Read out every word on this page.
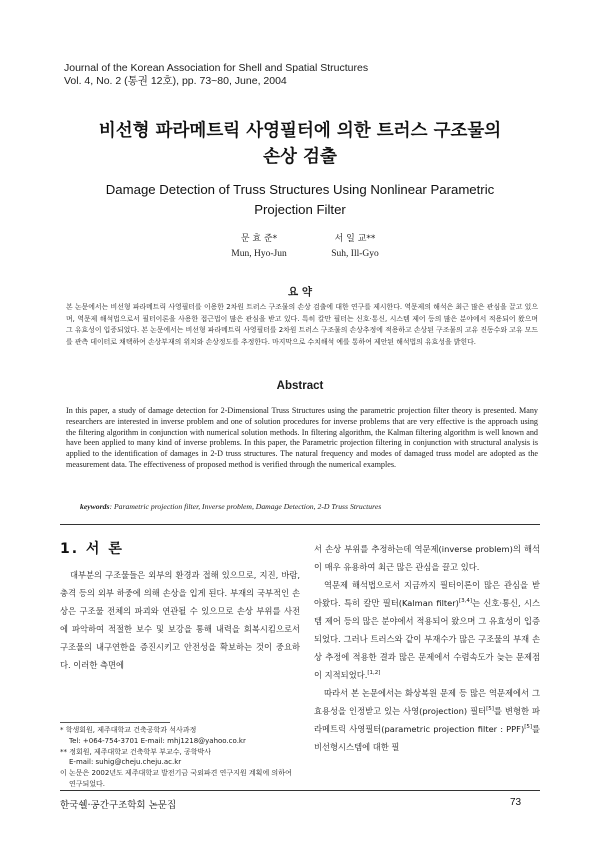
Journal of the Korean Association for Shell and Spatial Structures
Vol. 4, No. 2 (통권 12호), pp. 73~80, June, 2004
비선형 파라메트릭 사영필터에 의한 트러스 구조물의
손상 검출
Damage Detection of Truss Structures Using Nonlinear Parametric
Projection Filter
문 효 준*
Mun, Hyo-Jun
서 일 교**
Suh, Ill-Gyo
요 약
본 논문에서는 비선형 파라메트릭 사영필터를 이용한 2차원 트러스 구조물의 손상 검출에 대한 연구를 제시한다. 역문제의 해석은 최근 많은 관심을 끌고 있으며, 역문제 해석법으로서 필터이론을 사용한 접근법이 많은 관심을 받고 있다. 특히 칼만 필터는 신호·통신, 시스템 제어 등의 많은 분야에서 적용되어 왔으며 그 유효성이 입증되었다. 본 논문에서는 비선형 파라메트릭 사영필터를 2차원 트러스 구조물의 손상추정에 적용하고 손상된 구조물의 고유 진동수와 고유 모드를 관측 데이터로 채택하여 손상부재의 위치와 손상정도를 추정한다. 마지막으로 수치해석 예를 통하여 제안된 해석법의 유효성을 밝힌다.
Abstract
In this paper, a study of damage detection for 2-Dimensional Truss Structures using the parametric projection filter theory is presented. Many researchers are interested in inverse problem and one of solution procedures for inverse problems that are very effective is the approach using the filtering algorithm in conjunction with numerical solution methods. In filtering algorithm, the Kalman filtering algorithm is well known and have been applied to many kind of inverse problems. In this paper, the Parametric projection filtering in conjunction with structural analysis is applied to the identification of damages in 2-D truss structures. The natural frequency and modes of damaged truss model are adopted as the measurement data. The effectiveness of proposed method is verified through the numerical examples.
keywords: Parametric projection filter, Inverse problem, Damage Detection, 2-D Truss Structures
1. 서 론

대부분의 구조물들은 외부의 환경과 접해 있으므로, 지진, 바람, 충격 등의 외부 하중에 의해 손상을 입게 된다. 부재의 국부적인 손상은 구조물 전체의 파괴와 연관될 수 있으므로 손상 부위를 사전에 파악하여 적절한 보수 및 보강을 통해 내력을 회복시킴으로서 구조물의 내구연한을 증진시키고 안전성을 확보하는 것이 중요하다. 이러한 측면에

* 학생회원, 제주대학교 건축공학과 석사과정
Tel: +064-754-3701 E-mail: mhj1218@yahoo.co.kr
** 정회원, 제주대학교 건축학부 부교수, 공학박사
E-mail: suhig@cheju.cheju.ac.kr
이 논문은 2002년도 제주대학교 발전기금 국외파견 연구지원 계획에 의하여 연구되었다.

서 손상 부위를 추정하는데 역문제(inverse problem)의 해석이 매우 유용하여 최근 많은 관심을 끌고 있다.

역문제 해석법으로서 지금까지 필터이론이 많은 관심을 받아왔다. 특히 칼만 필터(Kalman filter)[3,4]는 신호·통신, 시스템 제어 등의 많은 분야에서 적용되어 왔으며 그 유효성이 입증되었다. 그러나 트러스와 같이 부재수가 많은 구조물의 부재 손상 추정에 적용한 결과 많은 문제에서 수렴속도가 늦는 문제점이 지적되었다.[1,2]

따라서 본 논문에서는 화상복원 문제 등 많은 역문제에서 그 효용성을 인정받고 있는 사영(projection) 필터[5]를 변형한 파라메트릭 사영필터(parametric projection filter : PPF)[5]를 비선형시스템에 대한 필

한국쉘·공간구조학회 논문집	73
